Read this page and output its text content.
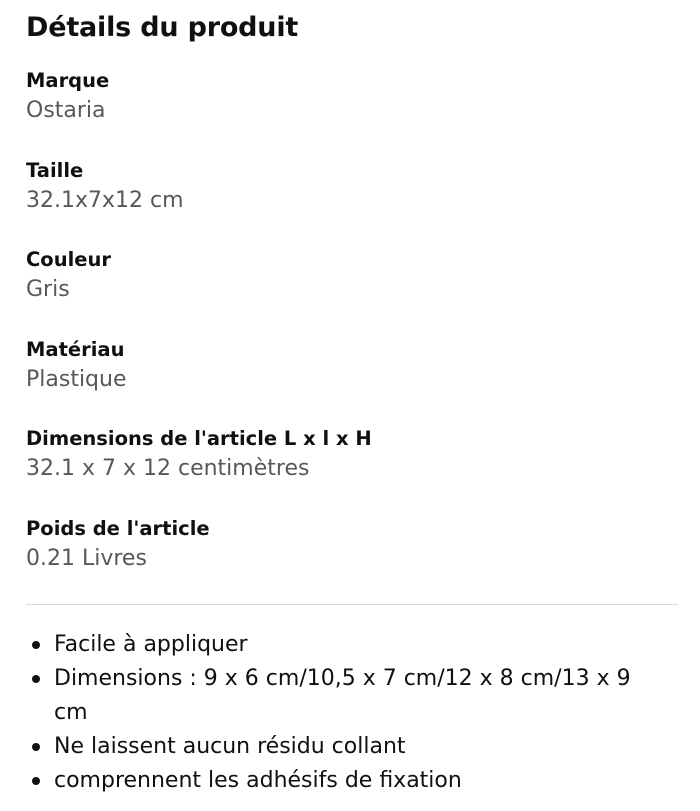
Détails du produit
Marque
Ostaria
Taille
32.1x7x12 cm
Couleur
Gris
Matériau
Plastique
Dimensions de l'article L x l x H
32.1 x 7 x 12 centimètres
Poids de l'article
0.21 Livres
Facile à appliquer
Dimensions : 9 x 6 cm/10,5 x 7 cm/12 x 8 cm/13 x 9 cm
Ne laissent aucun résidu collant
comprennent les adhésifs de fixation
